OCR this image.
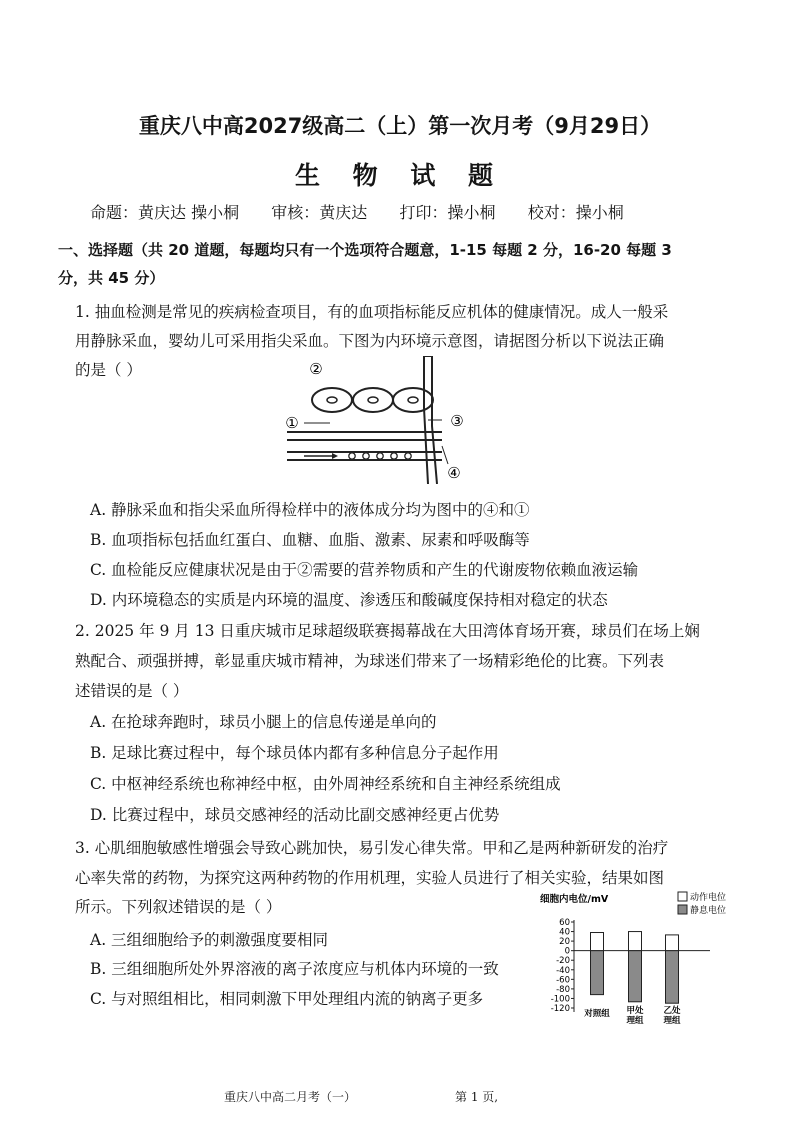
重庆八中高2027级高二（上）第一次月考（9月29日）
生 物 试 题
命题：黄庆达 操小桐 审核：黄庆达 打印：操小桐 校对：操小桐
一、选择题（共 20 道题，每题均只有一个选项符合题意，1-15 每题 2 分，16-20 每题 3
分，共 45 分）
1. 抽血检测是常见的疾病检查项目，有的血项指标能反应机体的健康情况。成人一般采
用静脉采血，婴幼儿可采用指尖采血。下图为内环境示意图，请据图分析以下说法正确
的是（ ）	②
①	③
④
A. 静脉采血和指尖采血所得检样中的液体成分均为图中的④和①
B. 血项指标包括血红蛋白、血糖、血脂、激素、尿素和呼吸酶等
C. 血检能反应健康状况是由于②需要的营养物质和产生的代谢废物依赖血液运输
D. 内环境稳态的实质是内环境的温度、渗透压和酸碱度保持相对稳定的状态
2. 2025 年 9 月 13 日重庆城市足球超级联赛揭幕战在大田湾体育场开赛，球员们在场上娴
熟配合、顽强拼搏，彰显重庆城市精神，为球迷们带来了一场精彩绝伦的比赛。下列表
述错误的是（ ）
A. 在抢球奔跑时，球员小腿上的信息传递是单向的
B. 足球比赛过程中，每个球员体内都有多种信息分子起作用
C. 中枢神经系统也称神经中枢，由外周神经系统和自主神经系统组成
D. 比赛过程中，球员交感神经的活动比副交感神经更占优势
3. 心肌细胞敏感性增强会导致心跳加快，易引发心律失常。甲和乙是两种新研发的治疗
心率失常的药物，为探究这两种药物的作用机理，实验人员进行了相关实验，结果如图
所示。下列叙述错误的是（ ）
A. 三组细胞给予的刺激强度要相同
B. 三组细胞所处外界溶液的离子浓度应与机体内环境的一致
C. 与对照组相比，相同刺激下甲处理组内流的钠离子更多
细胞内电位/mV	动作电位
静息电位
60
40
20
0
-20
-40
-60
-80
-100
-120 对照组 甲处
理组
乙处
理组
重庆八中高二月考（一）	第 1 页,
